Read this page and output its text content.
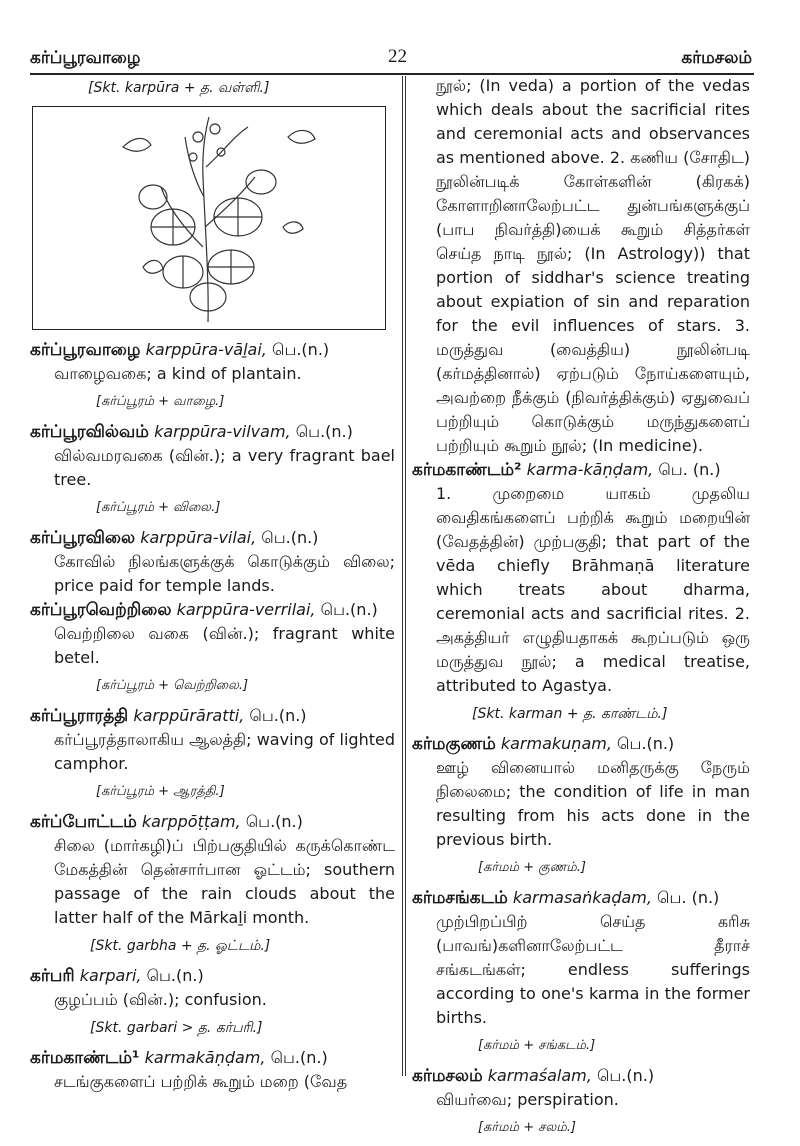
கர்ப்பூரவாழை	22	கர்மசலம்
[Skt. karpūra + த. வள்ளி.]
கர்ப்பூரவாழை karppūra-vāḻai, பெ.(n.)
வாழைவகை; a kind of plantain.
[கர்ப்பூரம் + வாழை.]
கர்ப்பூரவில்வம் karppūra-vilvam, பெ.(n.)
வில்வமரவகை (வின்.); a very fragrant bael tree.
[கர்ப்பூரம் + விலை.]
கர்ப்பூரவிலை karppūra-vilai, பெ.(n.)
கோவில் நிலங்களுக்குக் கொடுக்கும் விலை; price paid for temple lands.
கர்ப்பூரவெற்றிலை karppūra-verrilai, பெ.(n.)
வெற்றிலை வகை (வின்.); fragrant white betel.
[கர்ப்பூரம் + வெற்றிலை.]
கர்ப்பூராரத்தி karppūrāratti, பெ.(n.)
கர்ப்பூரத்தாலாகிய ஆலத்தி; waving of lighted camphor.
[கர்ப்பூரம் + ஆரத்தி.]
கர்ப்போட்டம் karppōṭṭam, பெ.(n.)
சிலை (மார்கழி)ப் பிற்பகுதியில் கருக்கொண்ட மேகத்தின் தென்சார்பான ஓட்டம்; southern passage of the rain clouds about the latter half of the Mārkaḻi month.
[Skt. garbha + த. ஓட்டம்.]
கர்பரி karpari, பெ.(n.)
குழப்பம் (வின்.); confusion.
[Skt. garbari > த. கர்பரி.]
கர்மகாண்டம்¹ karmakāṇḍam, பெ.(n.)
சடங்குகளைப் பற்றிக் கூறும் மறை (வேத
நூல்; (In veda) a portion of the vedas which deals about the sacrificial rites and ceremonial acts and observances as mentioned above. 2. கணிய (சோதிட) நூலின்படிக் கோள்களின் (கிரகக்) கோளாறினாலேற்பட்ட துன்பங்களுக்குப் (பாப நிவர்த்தி)யைக் கூறும் சித்தர்கள் செய்த நாடி நூல்; (In Astrology)) that portion of siddhar's science treating about expiation of sin and reparation for the evil influences of stars. 3. மருத்துவ (வைத்திய) நூலின்படி (கர்மத்தினால்) ஏற்படும் நோய்களையும், அவற்றை நீக்கும் (நிவர்த்திக்கும்) ஏதுவைப் பற்றியும் கொடுக்கும் மருந்துகளைப் பற்றியும் கூறும் நூல்; (In medicine).
கர்மகாண்டம்² karma-kāṇḍam, பெ. (n.)
1. முறைமை யாகம் முதலிய வைதிகங்களைப் பற்றிக் கூறும் மறையின் (வேதத்தின்) முற்பகுதி; that part of the vēda chiefly Brāhmaṇā literature which treats about dharma, ceremonial acts and sacrificial rites. 2. அகத்தியர் எழுதியதாகக் கூறப்படும் ஒரு மருத்துவ நூல்; a medical treatise, attributed to Agastya.
[Skt. karman + த. காண்டம்.]
கர்மகுணம் karmakuṇam, பெ.(n.)
ஊழ் வினையால் மனிதருக்கு நேரும் நிலைமை; the condition of life in man resulting from his acts done in the previous birth.
[கர்மம் + குணம்.]
கர்மசங்கடம் karmasaṅkaḍam, பெ. (n.)
முற்பிறப்பிற் செய்த கரிசு (பாவங்)களினாலேற்பட்ட தீராச் சங்கடங்கள்; endless sufferings according to one's karma in the former births.
[கர்மம் + சங்கடம்.]
கர்மசலம் karmaśalam, பெ.(n.)
வியர்வை; perspiration.
[கர்மம் + சலம்.]
